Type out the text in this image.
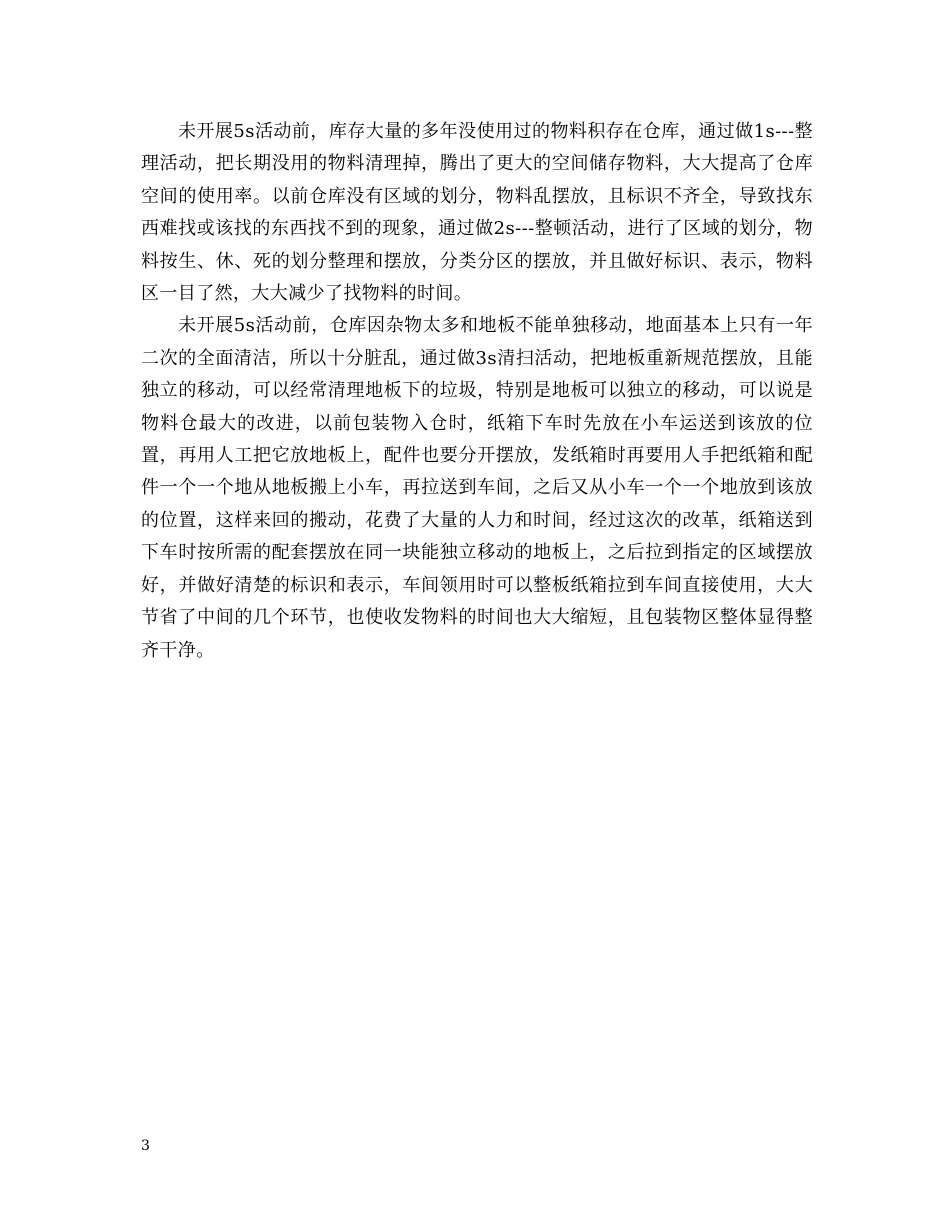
未开展5s活动前，库存大量的多年没使用过的物料积存在仓库，通过做1s---整理活动，把长期没用的物料清理掉，腾出了更大的空间储存物料，大大提高了仓库空间的使用率。以前仓库没有区域的划分，物料乱摆放，且标识不齐全，导致找东西难找或该找的东西找不到的现象，通过做2s---整顿活动，进行了区域的划分，物料按生、休、死的划分整理和摆放，分类分区的摆放，并且做好标识、表示，物料区一目了然，大大减少了找物料的时间。

未开展5s活动前，仓库因杂物太多和地板不能单独移动，地面基本上只有一年二次的全面清洁，所以十分脏乱，通过做3s清扫活动，把地板重新规范摆放，且能独立的移动，可以经常清理地板下的垃圾，特别是地板可以独立的移动，可以说是物料仓最大的改进，以前包装物入仓时，纸箱下车时先放在小车运送到该放的位置，再用人工把它放地板上，配件也要分开摆放，发纸箱时再要用人手把纸箱和配件一个一个地从地板搬上小车，再拉送到车间，之后又从小车一个一个地放到该放的位置，这样来回的搬动，花费了大量的人力和时间，经过这次的改革，纸箱送到下车时按所需的配套摆放在同一块能独立移动的地板上，之后拉到指定的区域摆放好，并做好清楚的标识和表示，车间领用时可以整板纸箱拉到车间直接使用，大大节省了中间的几个环节，也使收发物料的时间也大大缩短，且包装物区整体显得整齐干净。

3
